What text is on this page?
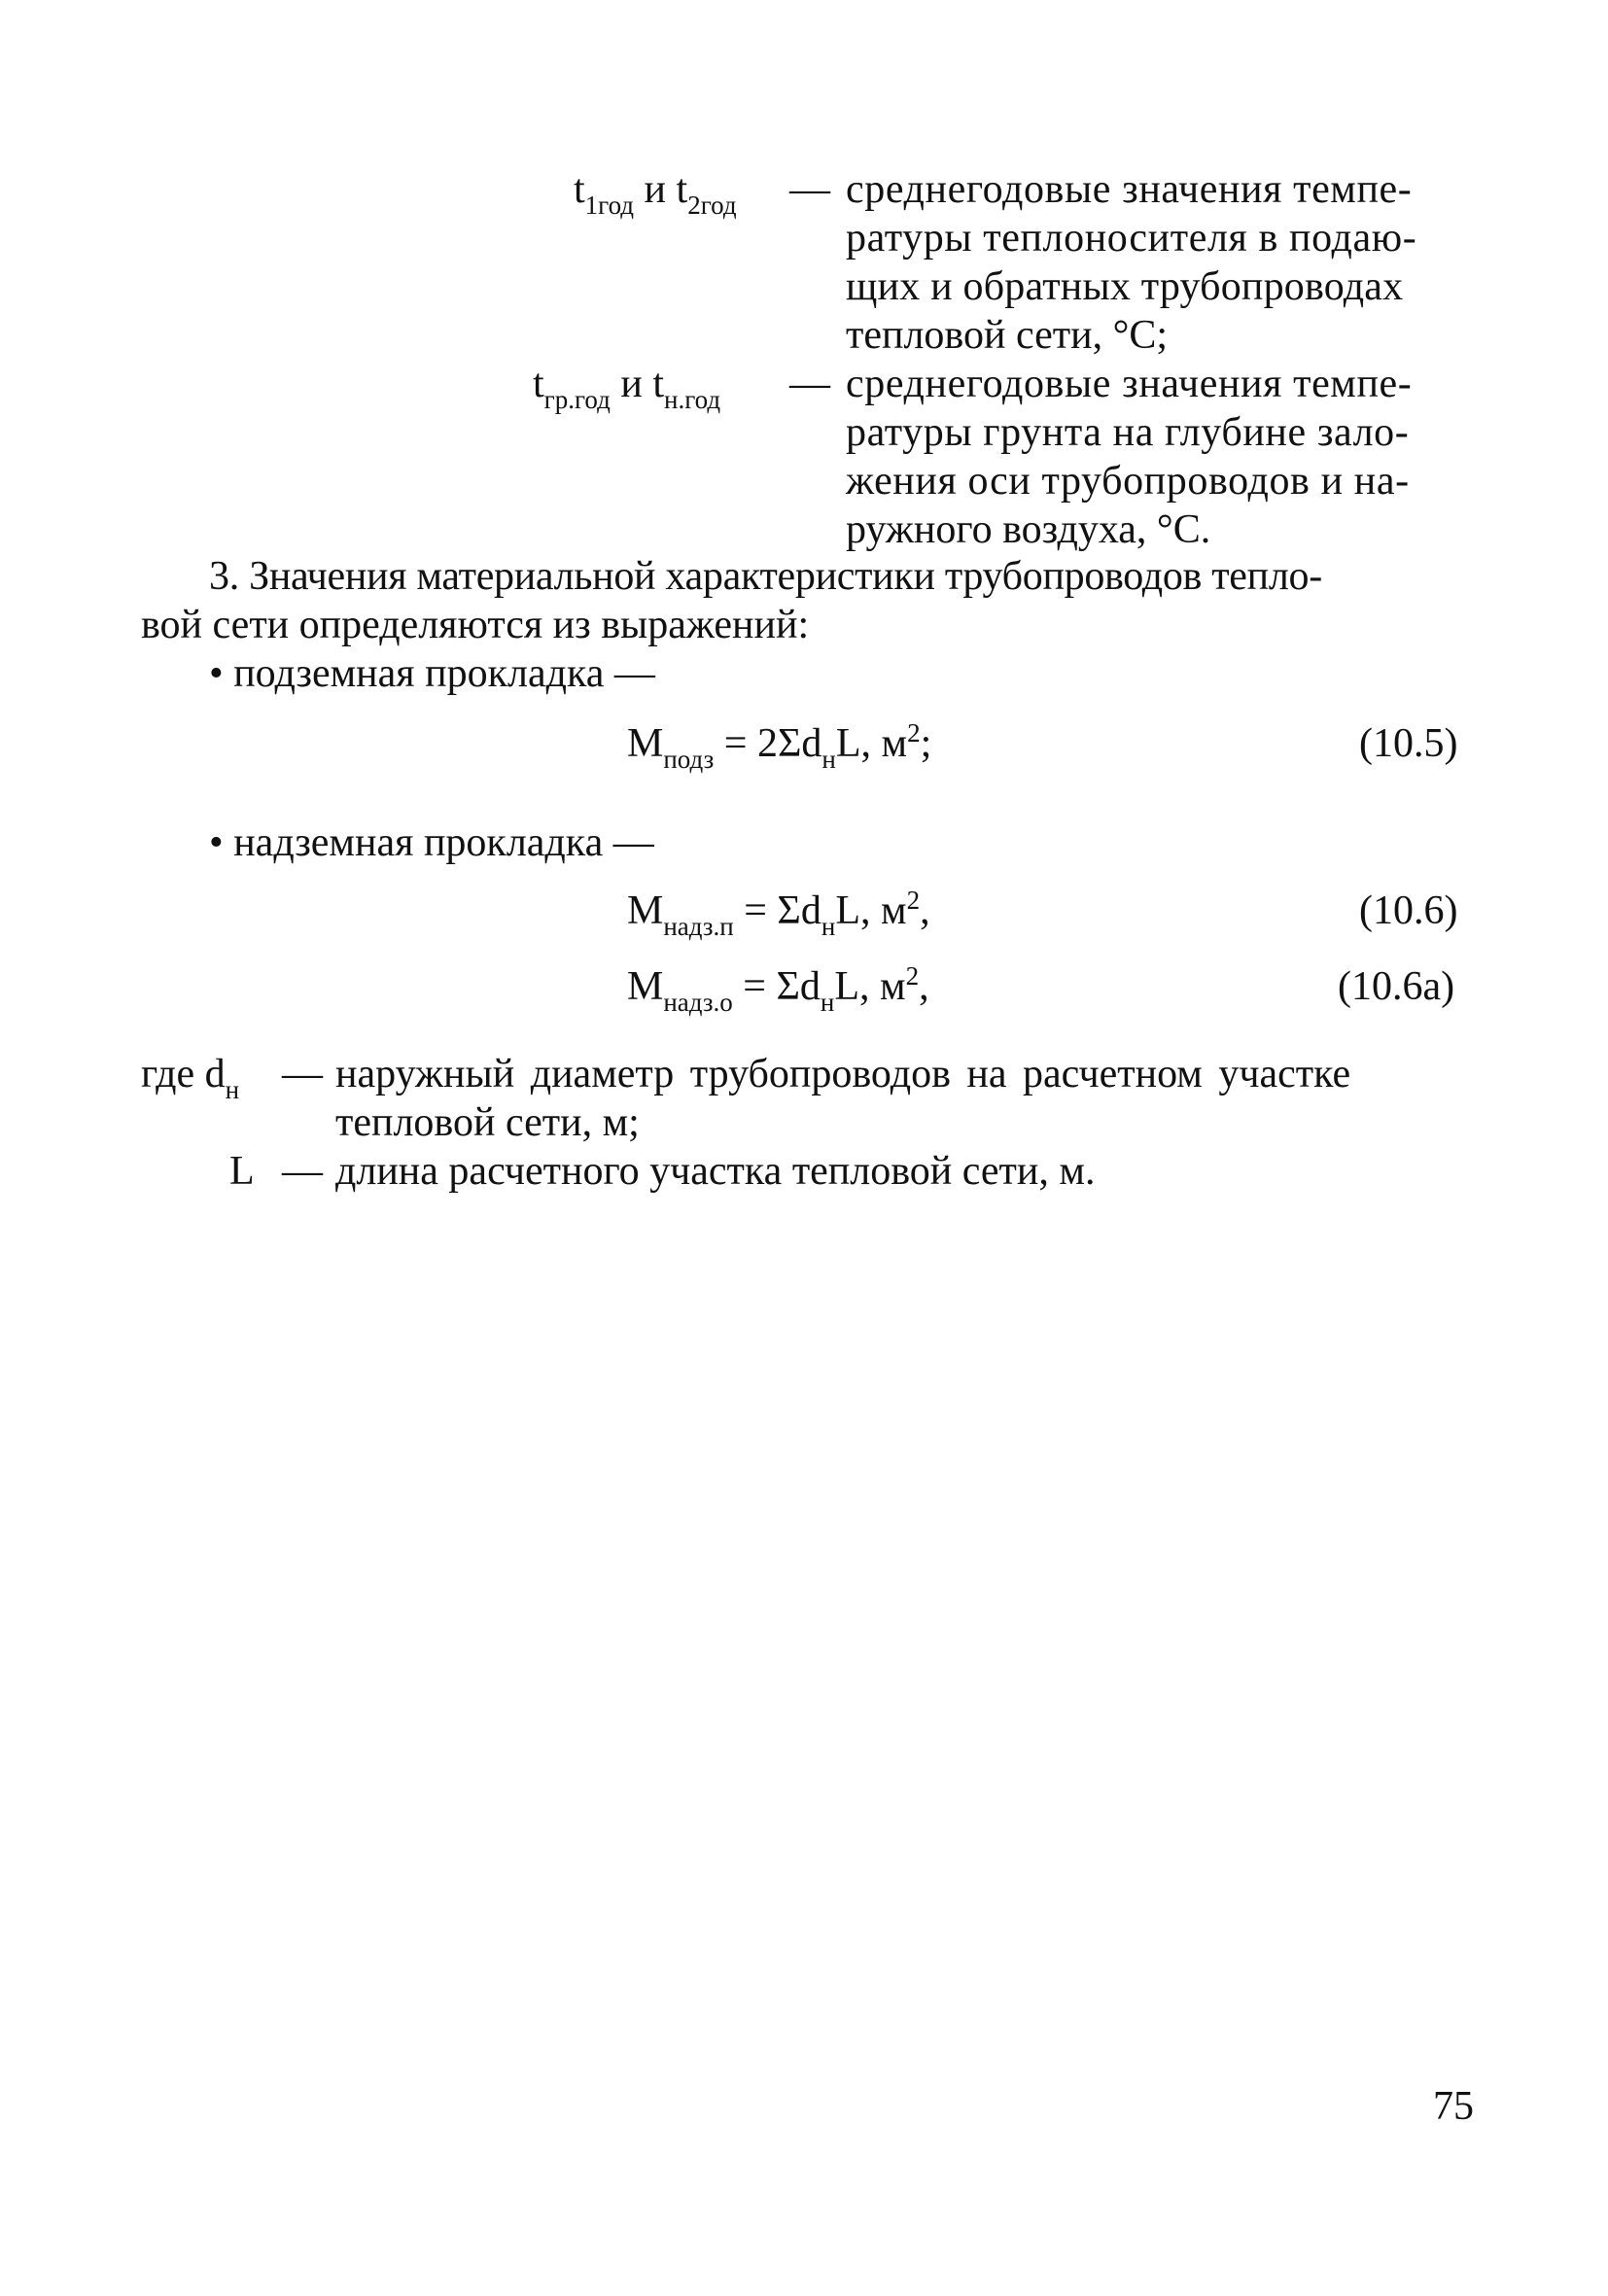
$t_{1год}$ и $t_{2год}$ — среднегодовые значения темпе-
ратуры теплоносителя в подаю-
щих и обратных трубопроводах
тепловой сети, °С;
$t_{гр.год}$ и $t_{н.год}$ — среднегодовые значения темпе-
ратуры грунта на глубине зало-
жения оси трубопроводов и на-
ружного воздуха, °С.
3. Значения материальной характеристики трубопроводов тепло-
вой сети определяются из выражений:
• подземная прокладка —
$M_{подз} = 2\Sigma d_нL$, $м^2$;	(10.5)
• надземная прокладка —
$M_{надз.п} = \Sigma d_нL$, $м^2$,	(10.6)
$M_{надз.о} = \Sigma d_нL$, $м^2$,	(10.6а)
где $d_н$ — наружный диаметр трубопроводов на расчетном участке
тепловой сети, м;
L — длина расчетного участка тепловой сети, м.
75
